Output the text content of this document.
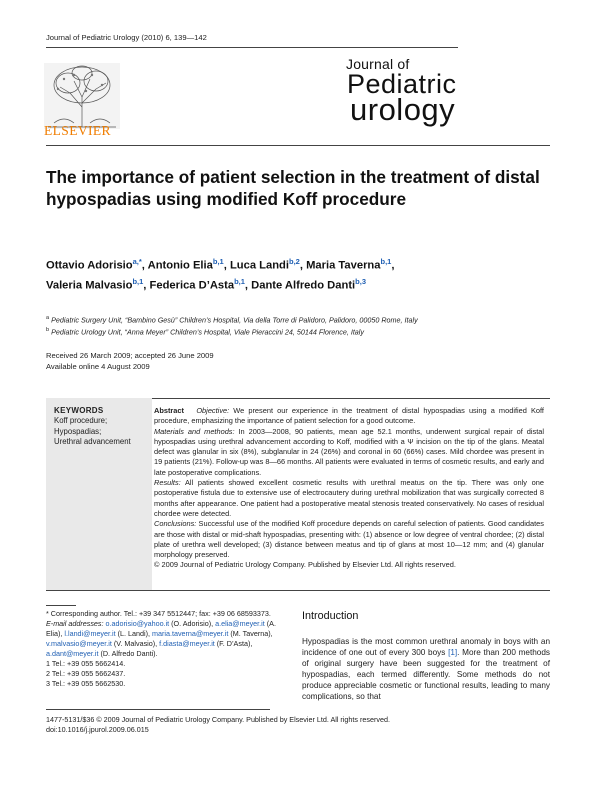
Journal of Pediatric Urology (2010) 6, 139—142
ELSEVIER
Journal of
Pediatric
urology
The importance of patient selection in the treatment of distal hypospadias using modified Koff procedure
Ottavio Adorisio$^{a,*}$, Antonio Elia$^{b,1}$, Luca Landi$^{b,2}$, Maria Taverna$^{b,1}$,
Valeria Malvasio$^{b,1}$, Federica D’Asta$^{b,1}$, Dante Alfredo Danti$^{b,3}$
$^a$ Pediatric Surgery Unit, “Bambino Gesù” Children’s Hospital, Via della Torre di Palidoro, Palidoro, 00050 Rome, Italy
$^b$ Pediatric Urology Unit, “Anna Meyer” Children’s Hospital, Viale Pieraccini 24, 50144 Florence, Italy
Received 26 March 2009; accepted 26 June 2009
Available online 4 August 2009
KEYWORDS
Koff procedure;
Hypospadias;
Urethral advancement
Abstract Objective: We present our experience in the treatment of distal hypospadias using a modified Koff procedure, emphasizing the importance of patient selection for a good outcome.
Materials and methods: In 2003—2008, 90 patients, mean age 52.1 months, underwent surgical repair of distal hypospadias using urethral advancement according to Koff, modified with a Ψ incision on the tip of the glans. Meatal defect was glanular in six (8%), subglanular in 24 (26%) and coronal in 60 (66%) cases. Mild chordee was present in 19 patients (21%). Follow-up was 8—66 months. All patients were evaluated in terms of cosmetic results, and early and late postoperative complications.
Results: All patients showed excellent cosmetic results with urethral meatus on the tip. There was only one postoperative fistula due to extensive use of electrocautery during urethral mobilization that was surgically corrected 8 months after appearance. One patient had a postoperative meatal stenosis treated conservatively. No cases of residual chordee were detected.
Conclusions: Successful use of the modified Koff procedure depends on careful selection of patients. Good candidates are those with distal or mid-shaft hypospadias, presenting with: (1) absence or low degree of ventral chordee; (2) distal plate of urethra well developed; (3) distance between meatus and tip of glans at most 10—12 mm; and (4) glanular morphology preserved.
© 2009 Journal of Pediatric Urology Company. Published by Elsevier Ltd. All rights reserved.
* Corresponding author. Tel.: +39 347 5512447; fax: +39 06 68593373.
E-mail addresses: o.adorisio@yahoo.it (O. Adorisio), a.elia@meyer.it (A. Elia), l.landi@meyer.it (L. Landi), maria.taverna@meyer.it (M. Taverna), v.malvasio@meyer.it (V. Malvasio), f.diasta@meyer.it (F. D’Asta), a.dant@meyer.it (D. Alfredo Danti).
1 Tel.: +39 055 5662414.
2 Tel.: +39 055 5662437.
3 Tel.: +39 055 5662530.
Introduction
Hypospadias is the most common urethral anomaly in boys with an incidence of one out of every 300 boys [1]. More than 200 methods of original surgery have been suggested for the treatment of hypospadias, each termed differently. Some methods do not produce appreciable cosmetic or functional results, leading to many complications, so that
1477-5131/$36 © 2009 Journal of Pediatric Urology Company. Published by Elsevier Ltd. All rights reserved.
doi:10.1016/j.jpurol.2009.06.015
